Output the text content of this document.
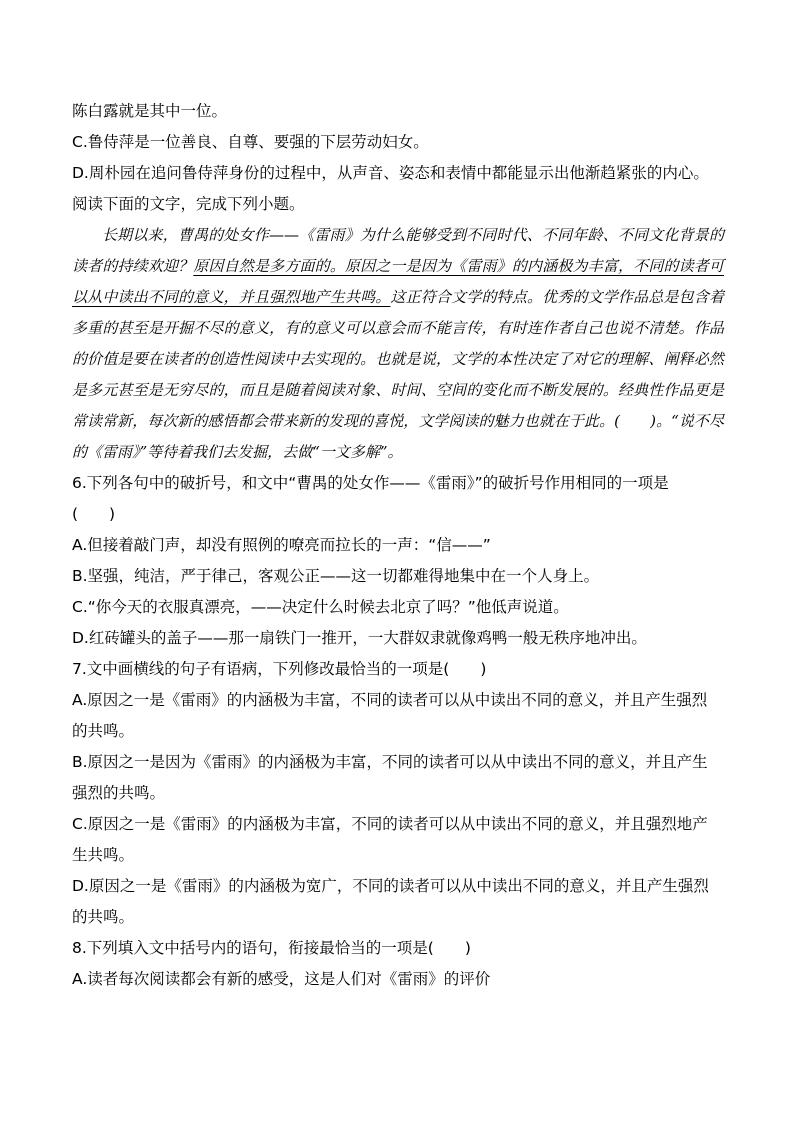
陈白露就是其中一位。
C.鲁侍萍是一位善良、自尊、要强的下层劳动妇女。
D.周朴园在追问鲁侍萍身份的过程中，从声音、姿态和表情中都能显示出他渐趋紧张的内心。
阅读下面的文字，完成下列小题。

长期以来，曹禺的处女作——《雷雨》为什么能够受到不同时代、不同年龄、不同文化背景的读者的持续欢迎？原因自然是多方面的。原因之一是因为《雷雨》的内涵极为丰富，不同的读者可以从中读出不同的意义，并且强烈地产生共鸣。这正符合文学的特点。优秀的文学作品总是包含着多重的甚至是开掘不尽的意义，有的意义可以意会而不能言传，有时连作者自己也说不清楚。作品的价值是要在读者的创造性阅读中去实现的。也就是说，文学的本性决定了对它的理解、阐释必然是多元甚至是无穷尽的，而且是随着阅读对象、时间、空间的变化而不断发展的。经典性作品更是常读常新，每次新的感悟都会带来新的发现的喜悦，文学阅读的魅力也就在于此。(　　)。“说不尽的《雷雨》”等待着我们去发掘，去做“一文多解”。

6.下列各句中的破折号，和文中“曹禺的处女作——《雷雨》”的破折号作用相同的一项是
(　　)
A.但接着敲门声，却没有照例的嘹亮而拉长的一声：“信——”
B.坚强，纯洁，严于律己，客观公正——这一切都难得地集中在一个人身上。
C.“你今天的衣服真漂亮，——决定什么时候去北京了吗？”他低声说道。
D.红砖罐头的盖子——那一扇铁门一推开，一大群奴隶就像鸡鸭一般无秩序地冲出。
7.文中画横线的句子有语病，下列修改最恰当的一项是(　　)
A.原因之一是《雷雨》的内涵极为丰富，不同的读者可以从中读出不同的意义，并且产生强烈
的共鸣。
B.原因之一是因为《雷雨》的内涵极为丰富，不同的读者可以从中读出不同的意义，并且产生
强烈的共鸣。
C.原因之一是《雷雨》的内涵极为丰富，不同的读者可以从中读出不同的意义，并且强烈地产
生共鸣。
D.原因之一是《雷雨》的内涵极为宽广，不同的读者可以从中读出不同的意义，并且产生强烈
的共鸣。
8.下列填入文中括号内的语句，衔接最恰当的一项是(　　)
A.读者每次阅读都会有新的感受，这是人们对《雷雨》的评价
